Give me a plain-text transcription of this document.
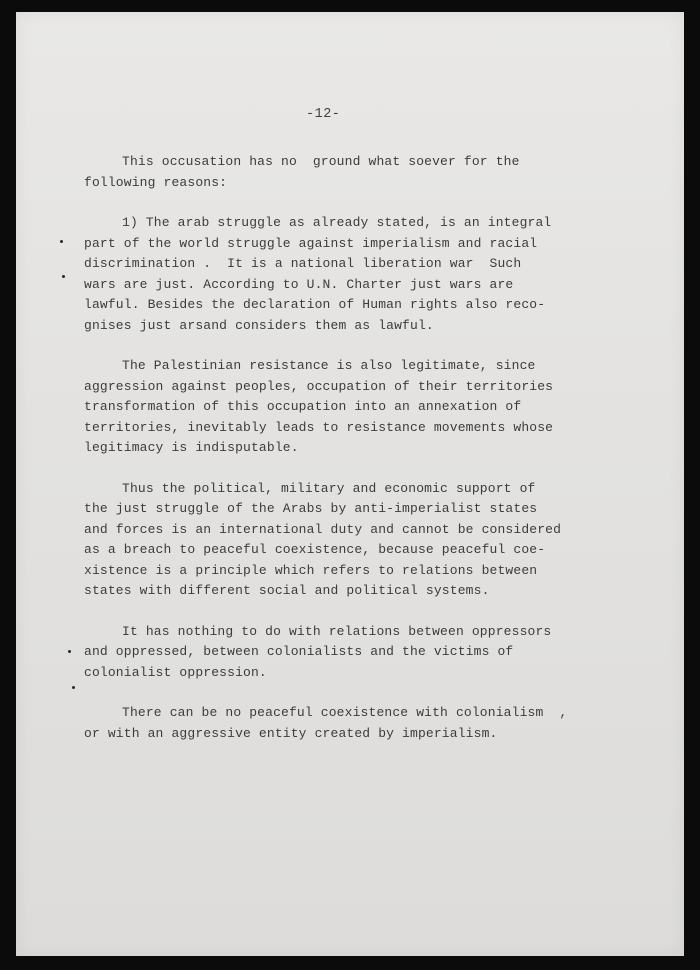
-12-

This occusation has no  ground what soever for the
following reasons:

1) The arab struggle as already stated, is an integral
part of the world struggle against imperialism and racial
discrimination .  It is a national liberation war  Such
wars are just. According to U.N. Charter just wars are
lawful. Besides the declaration of Human rights also reco-
gnises just arsand considers them as lawful.

The Palestinian resistance is also legitimate, since
aggression against peoples, occupation of their territories
transformation of this occupation into an annexation of
territories, inevitably leads to resistance movements whose
legitimacy is indisputable.

Thus the political, military and economic support of
the just struggle of the Arabs by anti-imperialist states
and forces is an international duty and cannot be considered
as a breach to peaceful coexistence, because peaceful coe-
xistence is a principle which refers to relations between
states with different social and political systems.

It has nothing to do with relations between oppressors
and oppressed, between colonialists and the victims of
colonialist oppression.

There can be no peaceful coexistence with colonialism  ,
or with an aggressive entity created by imperialism.
